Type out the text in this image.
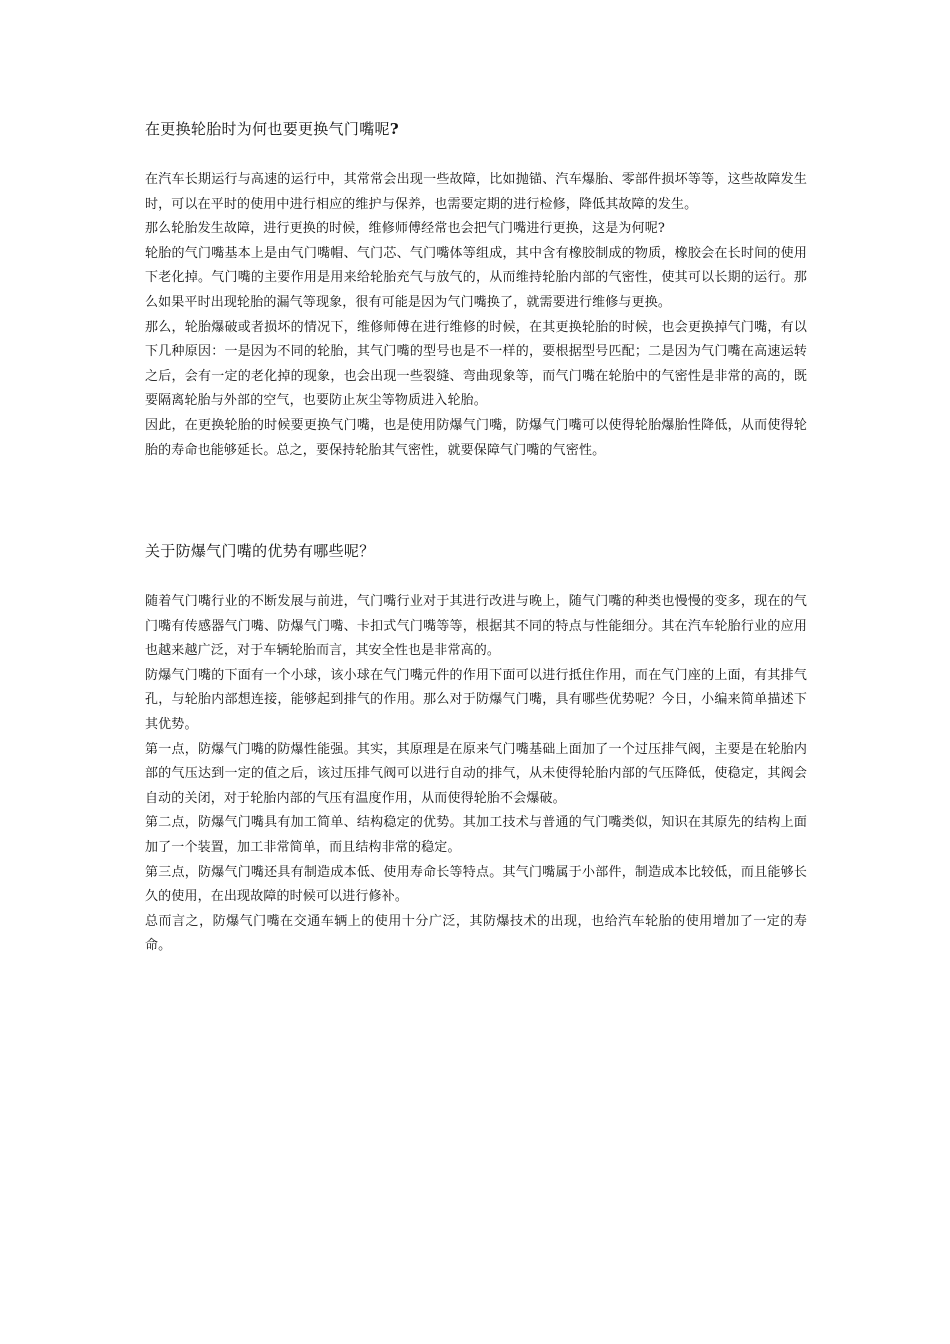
在更换轮胎时为何也要更换气门嘴呢?

在汽车长期运行与高速的运行中，其常常会出现一些故障，比如抛锚、汽车爆胎、零部件损坏等等，这些故障发生时，可以在平时的使用中进行相应的维护与保养，也需要定期的进行检修，降低其故障的发生。

那么轮胎发生故障，进行更换的时候，维修师傅经常也会把气门嘴进行更换，这是为何呢?

轮胎的气门嘴基本上是由气门嘴帽、气门芯、气门嘴体等组成，其中含有橡胶制成的物质，橡胶会在长时间的使用下老化掉。气门嘴的主要作用是用来给轮胎充气与放气的，从而维持轮胎内部的气密性，使其可以长期的运行。那么如果平时出现轮胎的漏气等现象，很有可能是因为气门嘴换了，就需要进行维修与更换。

那么，轮胎爆破或者损坏的情况下，维修师傅在进行维修的时候，在其更换轮胎的时候，也会更换掉气门嘴，有以下几种原因：一是因为不同的轮胎，其气门嘴的型号也是不一样的，要根据型号匹配；二是因为气门嘴在高速运转之后，会有一定的老化掉的现象，也会出现一些裂缝、弯曲现象等，而气门嘴在轮胎中的气密性是非常的高的，既要隔离轮胎与外部的空气，也要防止灰尘等物质进入轮胎。

因此，在更换轮胎的时候要更换气门嘴，也是使用防爆气门嘴，防爆气门嘴可以使得轮胎爆胎性降低，从而使得轮胎的寿命也能够延长。总之，要保持轮胎其气密性，就要保障气门嘴的气密性。

关于防爆气门嘴的优势有哪些呢？

随着气门嘴行业的不断发展与前进，气门嘴行业对于其进行改进与晚上，随气门嘴的种类也慢慢的变多，现在的气门嘴有传感器气门嘴、防爆气门嘴、卡扣式气门嘴等等，根据其不同的特点与性能细分。其在汽车轮胎行业的应用也越来越广泛，对于车辆轮胎而言，其安全性也是非常高的。

防爆气门嘴的下面有一个小球，该小球在气门嘴元件的作用下面可以进行抵住作用，而在气门座的上面，有其排气孔，与轮胎内部想连接，能够起到排气的作用。那么对于防爆气门嘴，具有哪些优势呢？今日，小编来简单描述下其优势。

第一点，防爆气门嘴的防爆性能强。其实，其原理是在原来气门嘴基础上面加了一个过压排气阀，主要是在轮胎内部的气压达到一定的值之后，该过压排气阀可以进行自动的排气，从未使得轮胎内部的气压降低，使稳定，其阀会自动的关闭，对于轮胎内部的气压有温度作用，从而使得轮胎不会爆破。

第二点，防爆气门嘴具有加工简单、结构稳定的优势。其加工技术与普通的气门嘴类似，知识在其原先的结构上面加了一个装置，加工非常简单，而且结构非常的稳定。

第三点，防爆气门嘴还具有制造成本低、使用寿命长等特点。其气门嘴属于小部件，制造成本比较低，而且能够长久的使用，在出现故障的时候可以进行修补。

总而言之，防爆气门嘴在交通车辆上的使用十分广泛，其防爆技术的出现，也给汽车轮胎的使用增加了一定的寿命。
